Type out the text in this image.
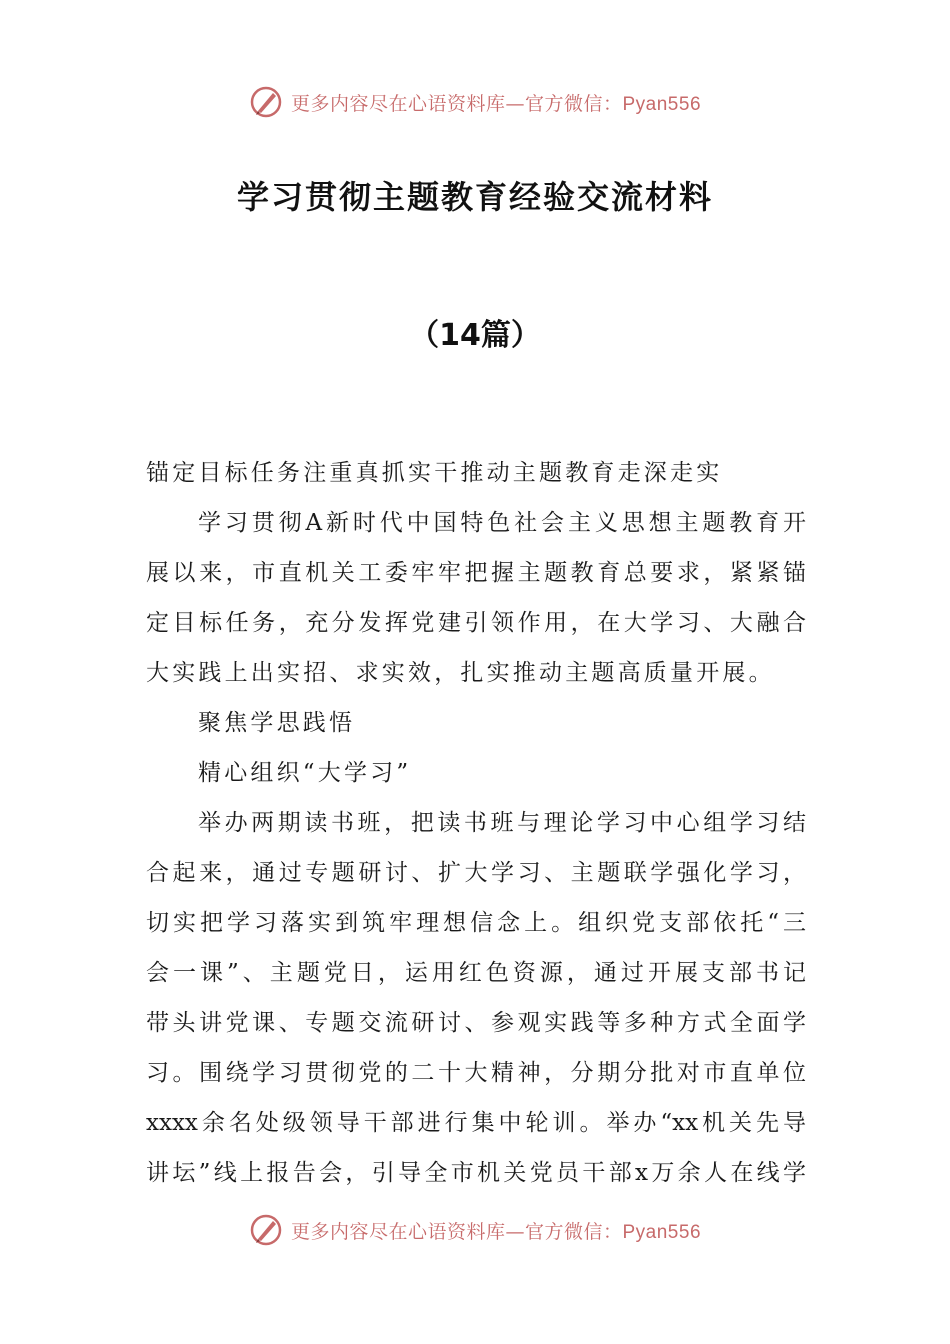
更多内容尽在心语资料库—官方微信：Pyan556
学习贯彻主题教育经验交流材料
（14篇）
锚定目标任务注重真抓实干推动主题教育走深走实
学习贯彻A新时代中国特色社会主义思想主题教育开
展以来，市直机关工委牢牢把握主题教育总要求，紧紧锚
定目标任务，充分发挥党建引领作用，在大学习、大融合
大实践上出实招、求实效，扎实推动主题高质量开展。
聚焦学思践悟
精心组织“大学习”
举办两期读书班，把读书班与理论学习中心组学习结
合起来，通过专题研讨、扩大学习、主题联学强化学习，
切实把学习落实到筑牢理想信念上。组织党支部依托“三
会一课”、主题党日，运用红色资源，通过开展支部书记
带头讲党课、专题交流研讨、参观实践等多种方式全面学
习。围绕学习贯彻党的二十大精神，分期分批对市直单位
xxxx余名处级领导干部进行集中轮训。举办“xx机关先导
讲坛”线上报告会，引导全市机关党员干部x万余人在线学
更多内容尽在心语资料库—官方微信：Pyan556
